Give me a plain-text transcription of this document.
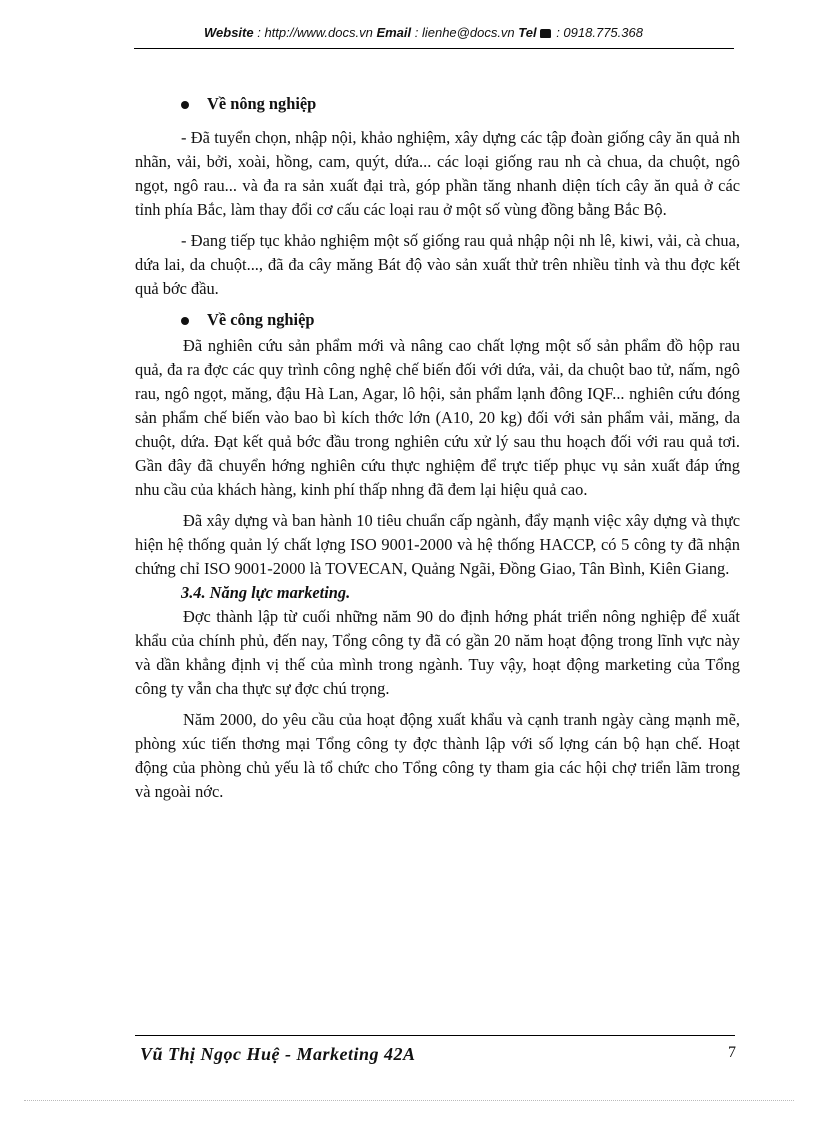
Website : http://www.docs.vn Email : lienhe@docs.vn Tel : 0918.775.368
Về nông nghiệp

- Đã tuyển chọn, nhập nội, khảo nghiệm, xây dựng các tập đoàn giống cây ăn quả nh nhãn, vải, bởi, xoài, hồng, cam, quýt, dứa... các loại giống rau nh cà chua, da chuột, ngô ngọt, ngô rau... và đa ra sản xuất đại trà, góp phần tăng nhanh diện tích cây ăn quả ở các tỉnh phía Bắc, làm thay đổi cơ cấu các loại rau ở một số vùng đồng bằng Bắc Bộ.

- Đang tiếp tục khảo nghiệm một số giống rau quả nhập nội nh lê, kiwi, vải, cà chua, dứa lai, da chuột..., đã đa cây măng Bát độ vào sản xuất thử trên nhiều tỉnh và thu đợc kết quả bớc đầu.

Về công nghiệp

Đã nghiên cứu sản phẩm mới và nâng cao chất lợng một số sản phẩm đồ hộp rau quả, đa ra đợc các quy trình công nghệ chế biến đối với dứa, vải, da chuột bao tử, nấm, ngô rau, ngô ngọt, măng, đậu Hà Lan, Agar, lô hội, sản phẩm lạnh đông IQF... nghiên cứu đóng sản phẩm chế biến vào bao bì kích thớc lớn (A10, 20 kg) đối với sản phẩm vải, măng, da chuột, dứa. Đạt kết quả bớc đầu trong nghiên cứu xử lý sau thu hoạch đối với rau quả tơi. Gần đây đã chuyển hớng nghiên cứu thực nghiệm để trực tiếp phục vụ sản xuất đáp ứng nhu cầu của khách hàng, kinh phí thấp nhng đã đem lại hiệu quả cao.

Đã xây dựng và ban hành 10 tiêu chuẩn cấp ngành, đẩy mạnh việc xây dựng và thực hiện hệ thống quản lý chất lợng ISO 9001-2000 và hệ thống HACCP, có 5 công ty đã nhận chứng chỉ ISO 9001-2000 là TOVECAN, Quảng Ngãi, Đồng Giao, Tân Bình, Kiên Giang.

3.4. Năng lực marketing.

Đợc thành lập từ cuối những năm 90 do định hớng phát triển nông nghiệp để xuất khẩu của chính phủ, đến nay, Tổng công ty đã có gần 20 năm hoạt động trong lĩnh vực này và dần khẳng định vị thế của mình trong ngành. Tuy vậy, hoạt động marketing của Tổng công ty vẫn cha thực sự đợc chú trọng.

Năm 2000, do yêu cầu của hoạt động xuất khẩu và cạnh tranh ngày càng mạnh mẽ, phòng xúc tiến thơng mại Tổng công ty đợc thành lập với số lợng cán bộ hạn chế. Hoạt động của phòng chủ yếu là tổ chức cho Tổng công ty tham gia các hội chợ triển lãm trong và ngoài nớc.

Vũ Thị Ngọc Huệ - Marketing 42A	7
